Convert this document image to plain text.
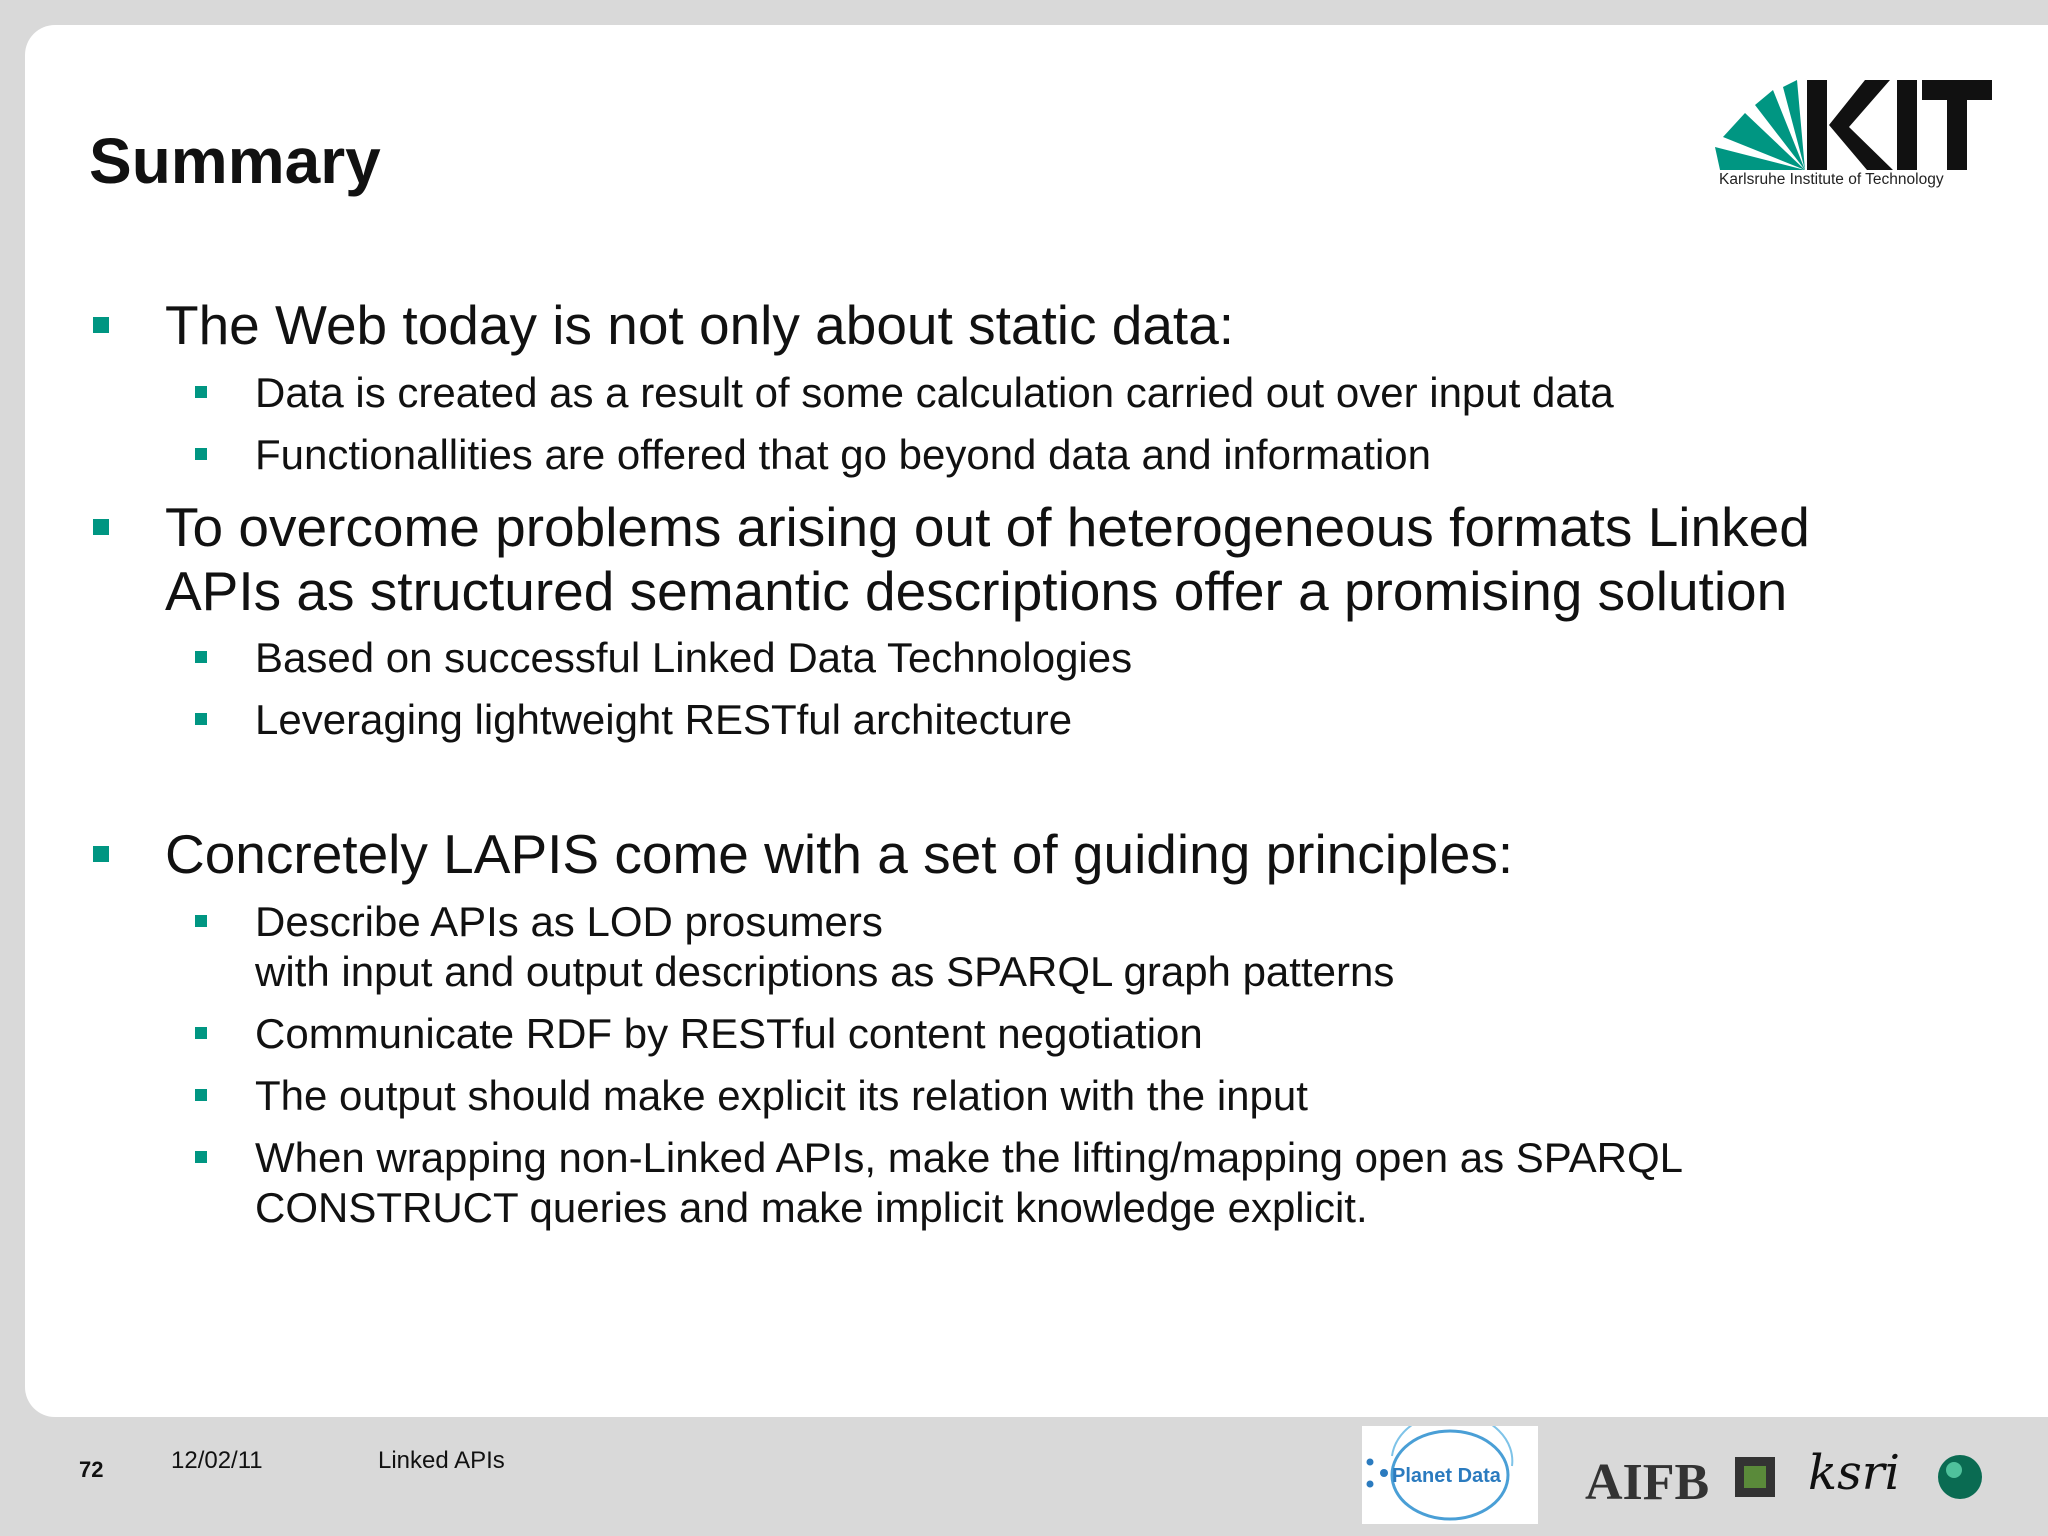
Summary	Karlsruhe Institute of Technology
The Web today is not only about static data:
Data is created as a result of some calculation carried out over input data
Functionallities are offered that go beyond data and information
To overcome problems arising out of heterogeneous formats Linked
APIs as structured semantic descriptions offer a promising solution
Based on successful Linked Data Technologies
Leveraging lightweight RESTful architecture
Concretely LAPIS come with a set of guiding principles:
Describe APIs as LOD prosumers
with input and output descriptions as SPARQL graph patterns
Communicate RDF by RESTful content negotiation
The output should make explicit its relation with the input
When wrapping non-Linked APIs, make the lifting/mapping open as SPARQL
CONSTRUCT queries and make implicit knowledge explicit.
72	12/02/11	Linked APIs
Planet Data AIFB ksri
